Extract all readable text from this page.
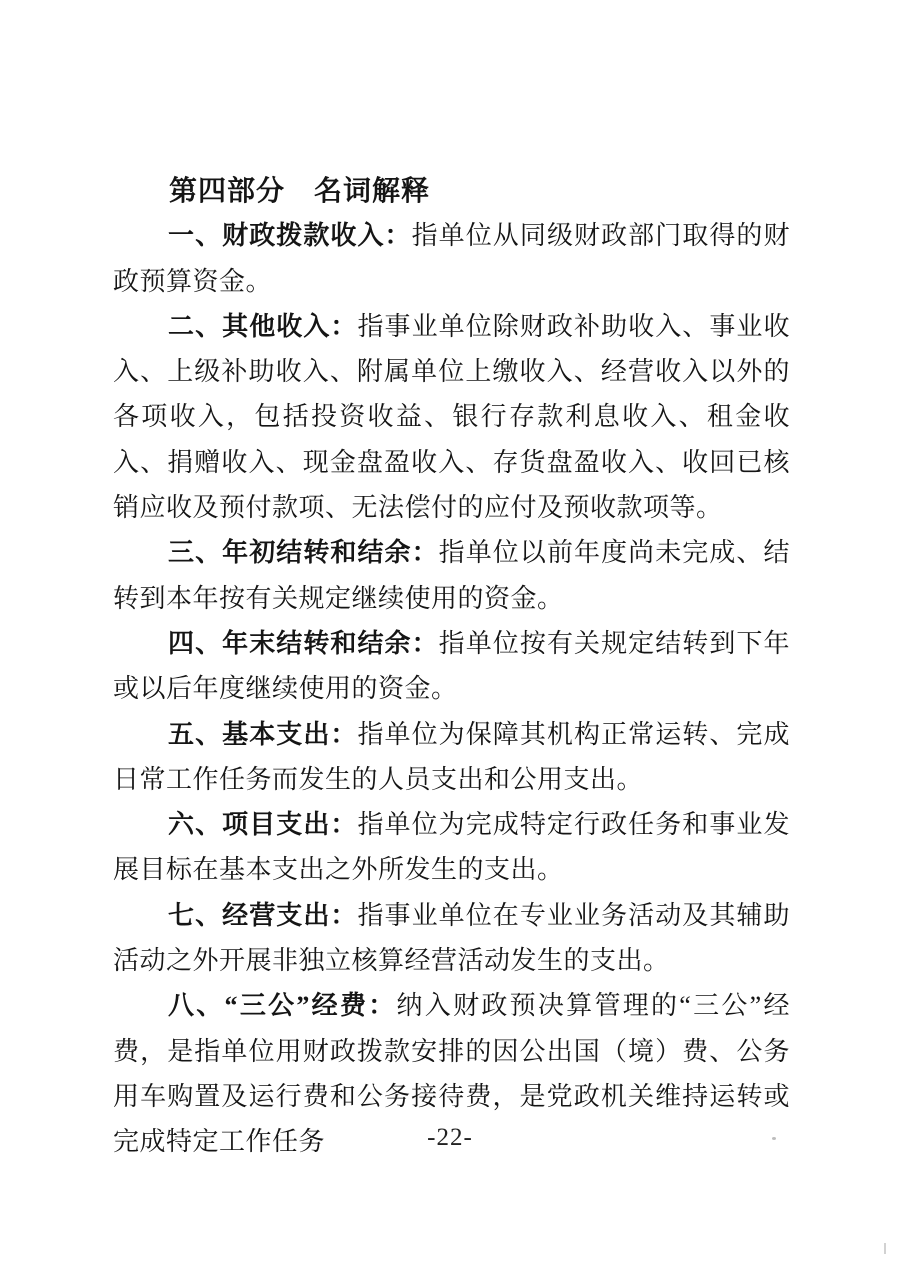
第四部分　名词解释

一、财政拨款收入：指单位从同级财政部门取得的财政预算资金。

二、其他收入：指事业单位除财政补助收入、事业收入、上级补助收入、附属单位上缴收入、经营收入以外的各项收入，包括投资收益、银行存款利息收入、租金收入、捐赠收入、现金盘盈收入、存货盘盈收入、收回已核销应收及预付款项、无法偿付的应付及预收款项等。

三、年初结转和结余：指单位以前年度尚未完成、结转到本年按有关规定继续使用的资金。

四、年末结转和结余：指单位按有关规定结转到下年或以后年度继续使用的资金。

五、基本支出：指单位为保障其机构正常运转、完成日常工作任务而发生的人员支出和公用支出。

六、项目支出：指单位为完成特定行政任务和事业发展目标在基本支出之外所发生的支出。

七、经营支出：指事业单位在专业业务活动及其辅助活动之外开展非独立核算经营活动发生的支出。

八、“三公”经费：纳入财政预决算管理的“三公”经费，是指单位用财政拨款安排的因公出国（境）费、公务用车购置及运行费和公务接待费，是党政机关维持运转或完成特定工作任务	-22-
